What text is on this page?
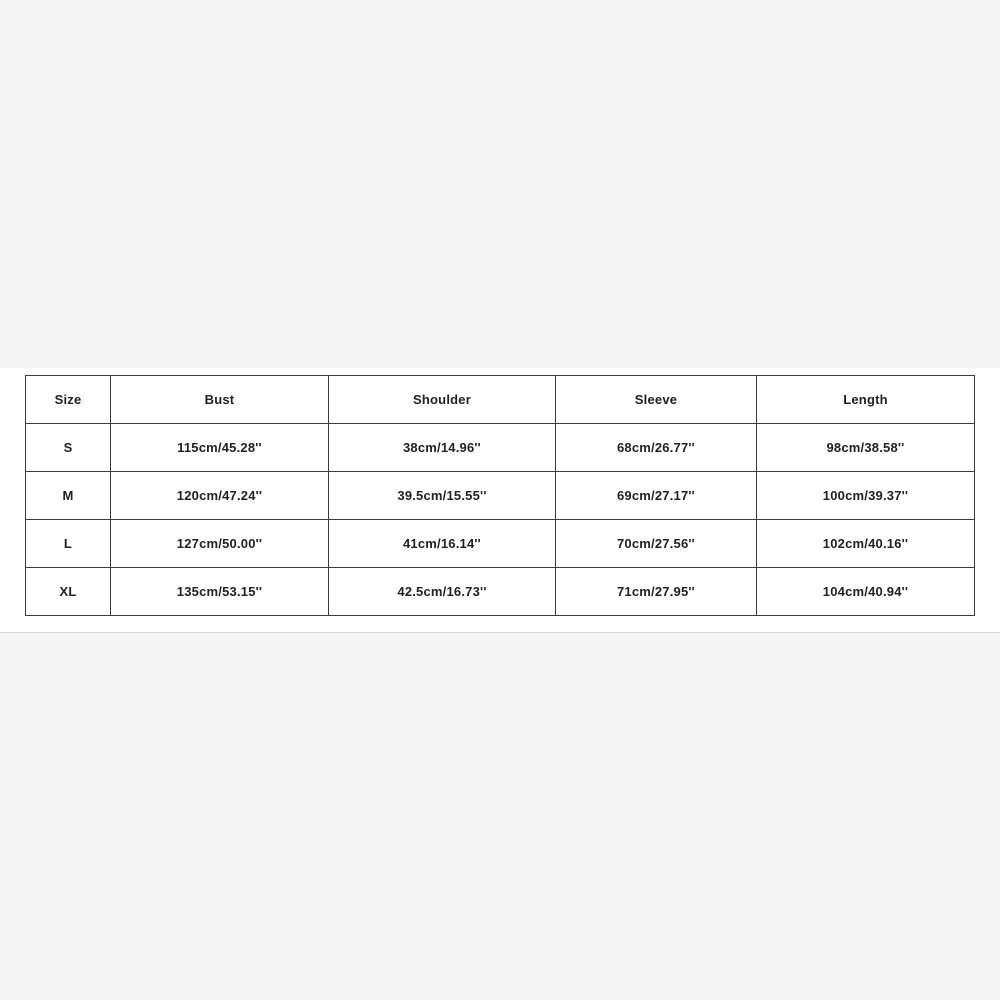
Size	Bust	Shoulder	Sleeve	Length
S	115cm/45.28''	38cm/14.96''	68cm/26.77''	98cm/38.58''
M	120cm/47.24''	39.5cm/15.55''	69cm/27.17''	100cm/39.37''
L	127cm/50.00''	41cm/16.14''	70cm/27.56''	102cm/40.16''
XL	135cm/53.15''	42.5cm/16.73''	71cm/27.95''	104cm/40.94''
